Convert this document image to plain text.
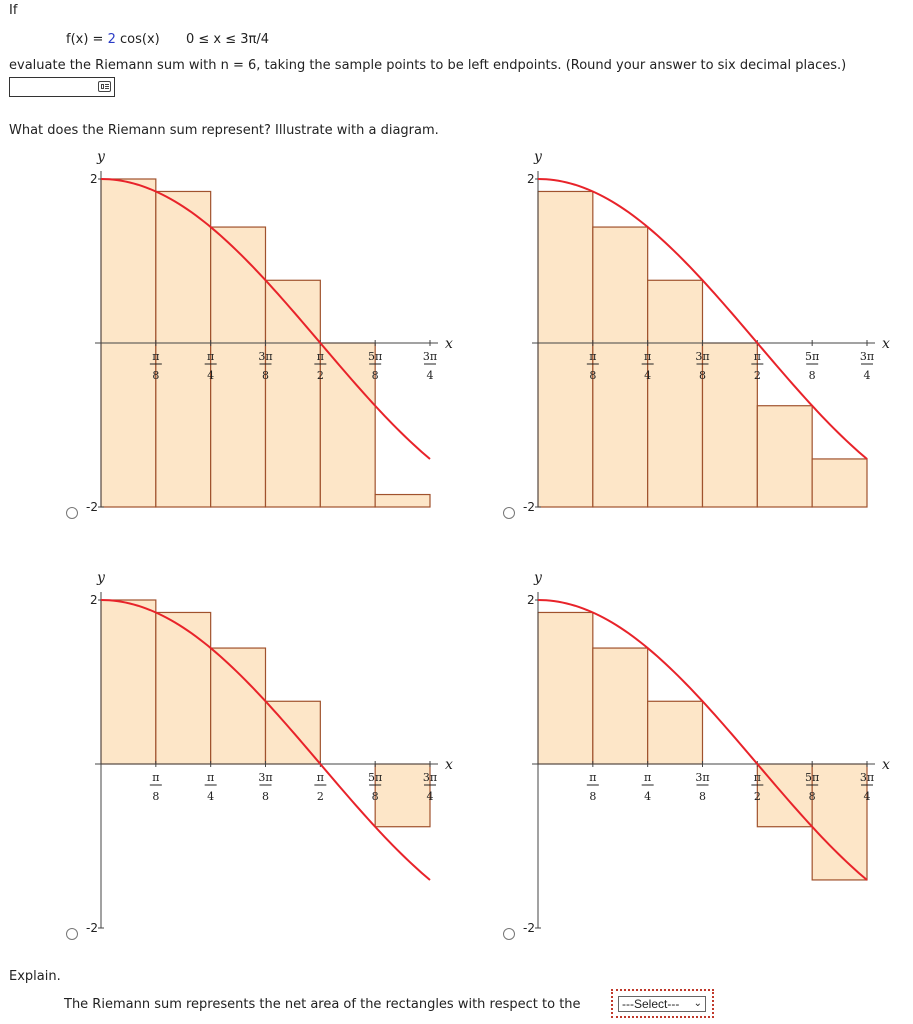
If
f(x) = 2 cos(x) 0 ≤ x ≤ 3π/4
evaluate the Riemann sum with n = 6, taking the sample points to be left endpoints. (Round your answer to six decimal places.)
What does the Riemann sum represent? Illustrate with a diagram.
2
-2
y
x
π
8
π
4
3π
8
π
2
5π
8
3π
4
2
-2
y
x
π
8
π
4
3π
8
π
2
5π
8
3π
4
2
-2
y
x
π
8
π
4
3π
8
π
2
5π
8
3π
4
2
-2
y
x
π
8
π
4
3π
8
π
2
5π
8
3π
4
Explain.
The Riemann sum represents the net area of the rectangles with respect to the	---Select--- ⌄
